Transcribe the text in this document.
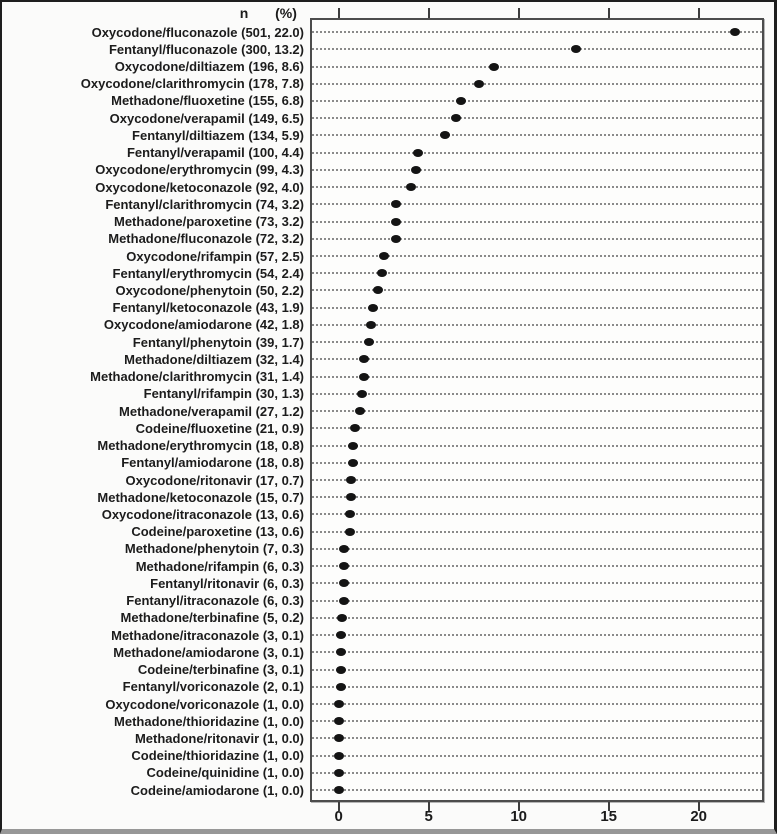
n (%)
Oxycodone/fluconazole (501, 22.0)
Fentanyl/fluconazole (300, 13.2)
Oxycodone/diltiazem (196, 8.6)
Oxycodone/clarithromycin (178, 7.8)
Methadone/fluoxetine (155, 6.8)
Oxycodone/verapamil (149, 6.5)
Fentanyl/diltiazem (134, 5.9)
Fentanyl/verapamil (100, 4.4)
Oxycodone/erythromycin (99, 4.3)
Oxycodone/ketoconazole (92, 4.0)
Fentanyl/clarithromycin (74, 3.2)
Methadone/paroxetine (73, 3.2)
Methadone/fluconazole (72, 3.2)
Oxycodone/rifampin (57, 2.5)
Fentanyl/erythromycin (54, 2.4)
Oxycodone/phenytoin (50, 2.2)
Fentanyl/ketoconazole (43, 1.9)
Oxycodone/amiodarone (42, 1.8)
Fentanyl/phenytoin (39, 1.7)
Methadone/diltiazem (32, 1.4)
Methadone/clarithromycin (31, 1.4)
Fentanyl/rifampin (30, 1.3)
Methadone/verapamil (27, 1.2)
Codeine/fluoxetine (21, 0.9)
Methadone/erythromycin (18, 0.8)
Fentanyl/amiodarone (18, 0.8)
Oxycodone/ritonavir (17, 0.7)
Methadone/ketoconazole (15, 0.7)
Oxycodone/itraconazole (13, 0.6)
Codeine/paroxetine (13, 0.6)
Methadone/phenytoin (7, 0.3)
Methadone/rifampin (6, 0.3)
Fentanyl/ritonavir (6, 0.3)
Fentanyl/itraconazole (6, 0.3)
Methadone/terbinafine (5, 0.2)
Methadone/itraconazole (3, 0.1)
Methadone/amiodarone (3, 0.1)
Codeine/terbinafine (3, 0.1)
Fentanyl/voriconazole (2, 0.1)
Oxycodone/voriconazole (1, 0.0)
Methadone/thioridazine (1, 0.0)
Methadone/ritonavir (1, 0.0)
Codeine/thioridazine (1, 0.0)
Codeine/quinidine (1, 0.0)
Codeine/amiodarone (1, 0.0)
0	5	10	15	20
